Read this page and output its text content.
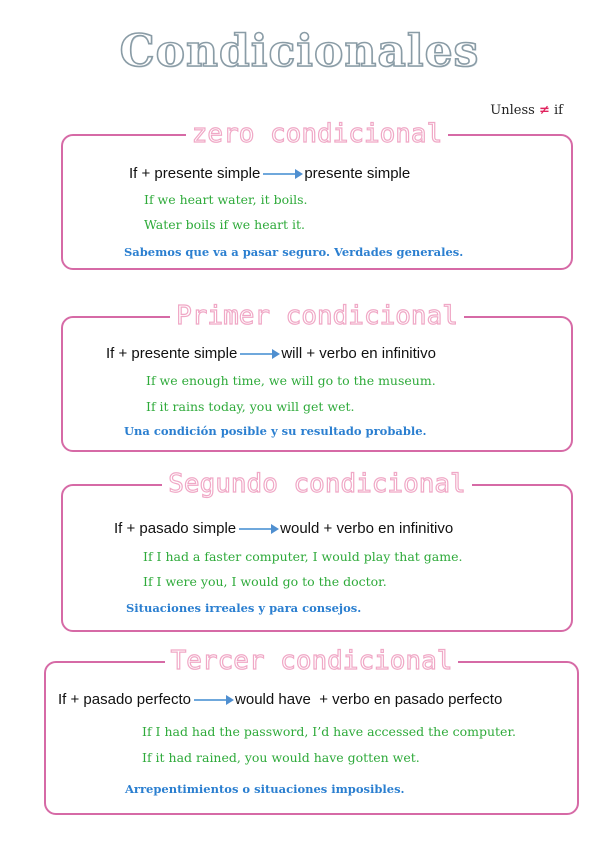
Condicionales
Unless ≠ if
zero condicional
If + presente simple	presente simple
If we heart water, it boils.
Water boils if we heart it.
Sabemos que va a pasar seguro. Verdades generales.
Primer condicional
If + presente simple	will + verbo en infinitivo
If we enough time, we will go to the museum.
If it rains today, you will get wet.
Una condición posible y su resultado probable.
Segundo condicional
If + pasado simple	would + verbo en infinitivo
If I had a faster computer, I would play that game.
If I were you, I would go to the doctor.
Situaciones irreales y para consejos.
Tercer condicional
If + pasado perfecto	would have  + verbo en pasado perfecto
If I had had the password, I’d have accessed the computer.
If it had rained, you would have gotten wet.
Arrepentimientos o situaciones imposibles.
